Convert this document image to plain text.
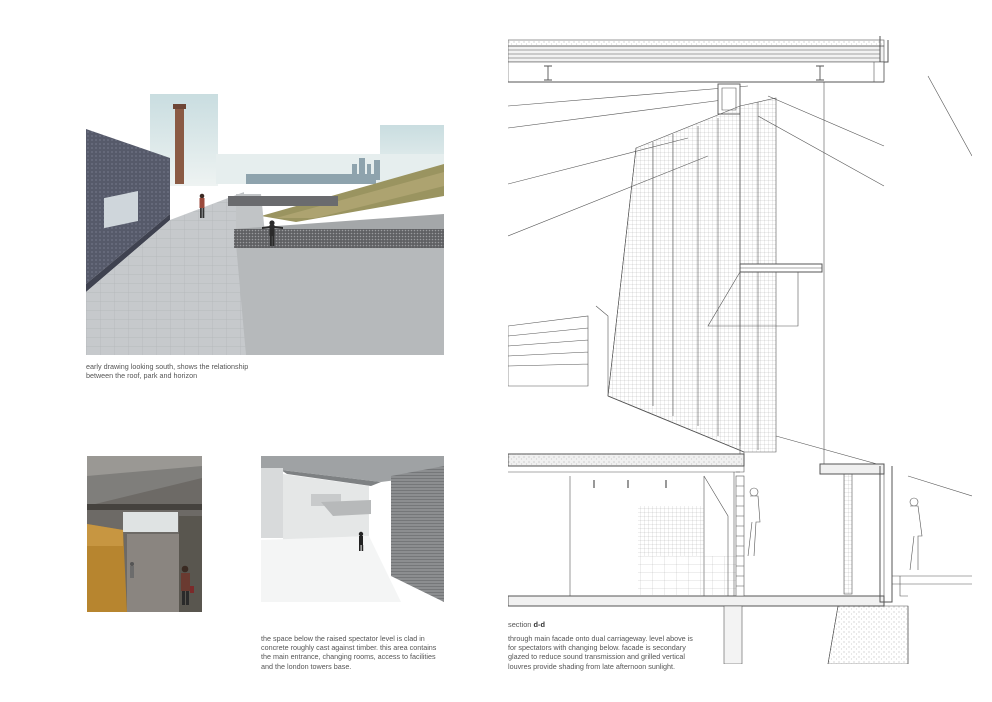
early drawing looking south, shows the relationship
between the roof, park and horizon

the space below the raised spectator level is clad in
concrete roughly cast against timber. this area contains
the main entrance, changing rooms, access to facilities
and the london towers base.

section d-d

through main facade onto dual carriageway. level above is
for spectators with changing below. facade is secondary
glazed to reduce sound transmission and grilled vertical
louvres provide shading from late afternoon sunlight.
